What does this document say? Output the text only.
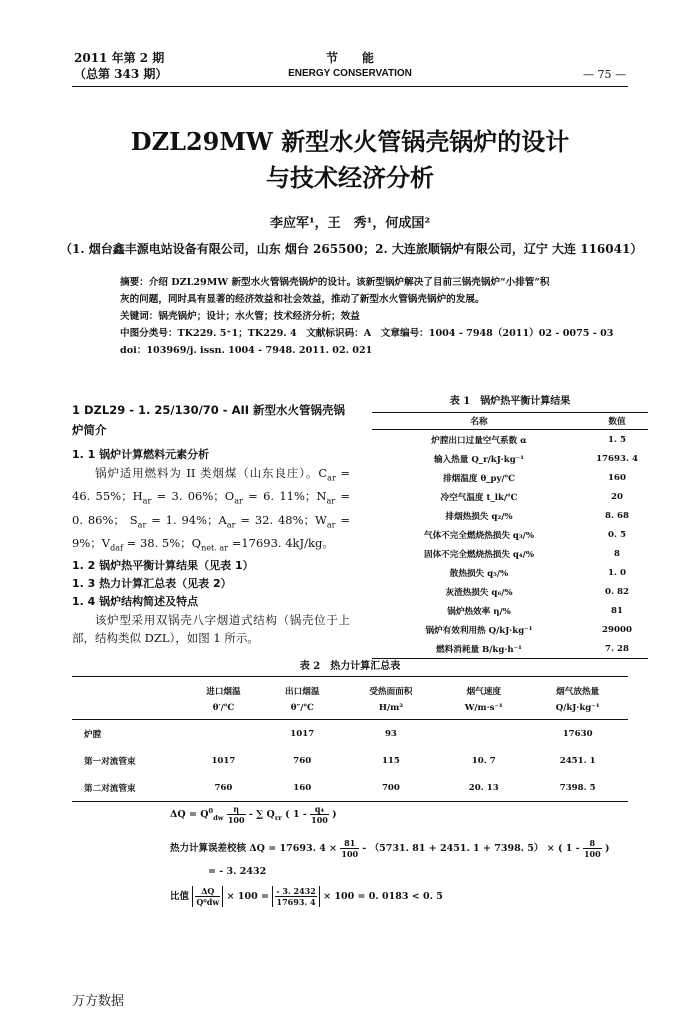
2011 年第 2 期
（总第 343 期）
节　　能
ENERGY CONSERVATION	— 75 —
DZL29MW 新型水火管锅壳锅炉的设计
与技术经济分析
李应军¹，王　秀¹，何成国²
（1. 烟台鑫丰源电站设备有限公司，山东 烟台 265500；2. 大连旅顺锅炉有限公司，辽宁 大连 116041）
摘要：介绍 DZL29MW 新型水火管锅壳锅炉的设计。该新型锅炉解决了目前三锅壳锅炉“小排管”积
灰的问题，同时具有显著的经济效益和社会效益，推动了新型水火管锅壳锅炉的发展。
关键词：锅壳锅炉；设计；水火管；技术经济分析；效益
中图分类号：TK229. 5⁺1；TK229. 4　文献标识码：A　文章编号：1004 - 7948（2011）02 - 0075 - 03
doi：103969/j. issn. 1004 - 7948. 2011. 02. 021
1 DZL29 - 1. 25/130/70 - AII 新型水火管锅壳锅
炉简介
1. 1 锅炉计算燃料元素分析
锅炉适用燃料为 II 类烟煤（山东良庄）。$C_{ar} = 46$. 55%；$H_{ar} = 3$. 06%；$O_{ar} = 6$. 11%；$N_{ar} = 0$. 86%； $S_{ar} = 1$. 94%；$A_{ar} = 32$. 48%；$W_{ar} = 9\%$；$V_{daf} = 38$. 5%；$Q_{net. ar} =17693$. 4kJ/kg。
1. 2 锅炉热平衡计算结果（见表 1）
1. 3 热力计算汇总表（见表 2）
1. 4 锅炉结构简述及特点
该炉型采用双锅壳八字烟道式结构（锅壳位于上部，结构类似 DZL），如图 1 所示。
表 1　锅炉热平衡计算结果
名称	数值
炉膛出口过量空气系数 α	1. 5
输入热量 Q_r/kJ·kg⁻¹	17693. 4
排烟温度 θ_py/℃	160
冷空气温度 t_lk/℃	20
排烟热损失 q₂/%	8. 68
气体不完全燃烧热损失 q₃/%	0. 5
固体不完全燃烧热损失 q₄/%	8
散热损失 q₅/%	1. 0
灰渣热损失 q₆/%	0. 82
锅炉热效率 η/%	81
锅炉有效利用热 Q/kJ·kg⁻¹	29000
燃料消耗量 B/kg·h⁻¹	7. 28
表 2　热力计算汇总表
	进口烟温	出口烟温	受热面面积	烟气速度	烟气放热量
	θ′/℃	θ″/℃	H/m²	W/m·s⁻¹	Q/kJ·kg⁻¹
炉膛		1017	93		17630
第一对流管束	1017	760	115	10. 7	2451. 1
第二对流管束	760	160	700	20. 13	7398. 5
$\Delta Q = Q^0_{dw} \frac{\eta}{100}$ - ∑ $Q_{rr}$ ( $1 - \frac{\text{q₄}}{100}$ )
热力计算误差校核 ΔQ = 17693. $4 \times \frac{81}{100} - (5731$. 81 + 2451. 1 + 7398. 5） × ( $1 - \frac{8}{100}$ )
= - 3. 2432
比值 $\frac{\Delta Q}{\text{Q⁰dw}} \times 100 = \frac{- 3. 2432}{17693. 4} \times 100 = 0$. 0183 < 0. 5
万方数据
